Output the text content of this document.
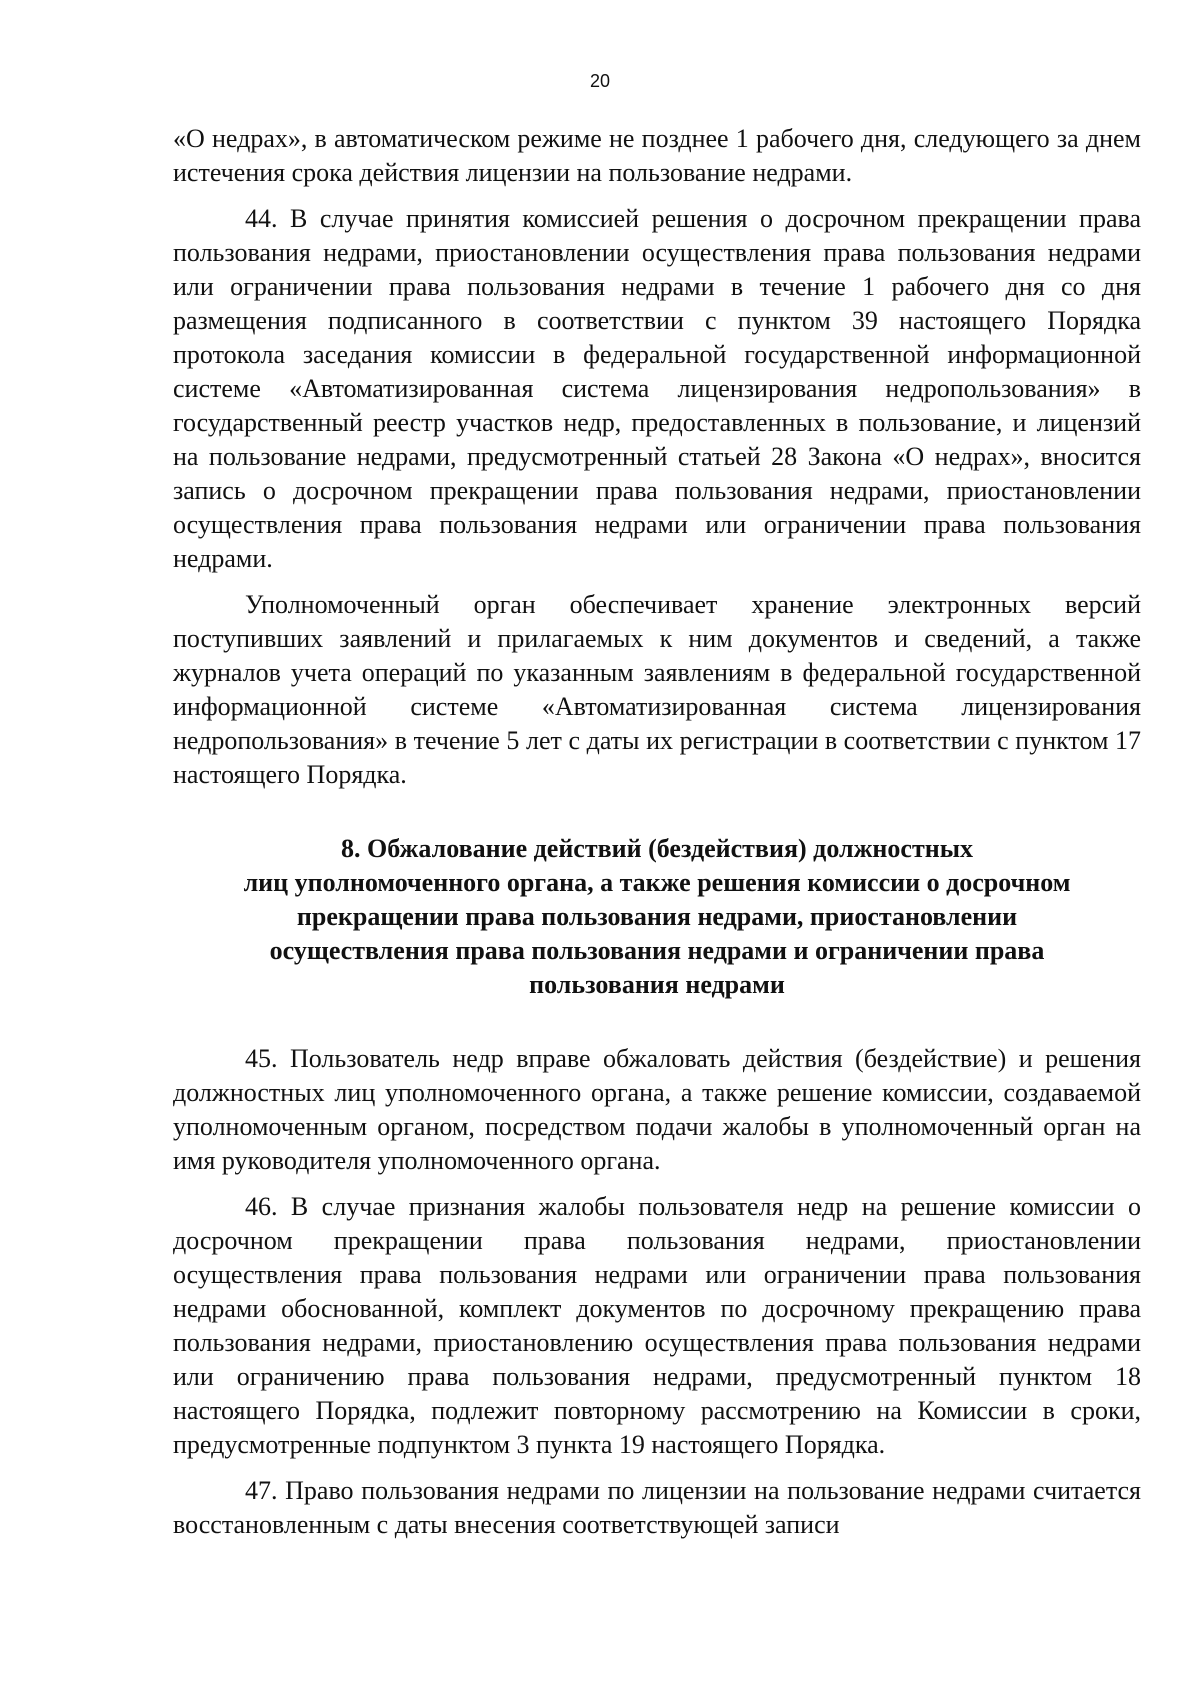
20

«О недрах», в автоматическом режиме не позднее 1 рабочего дня, следующего за днем истечения срока действия лицензии на пользование недрами.

44. В случае принятия комиссией решения о досрочном прекращении права пользования недрами, приостановлении осуществления права пользования недрами или ограничении права пользования недрами в течение 1 рабочего дня со дня размещения подписанного в соответствии с пунктом 39 настоящего Порядка протокола заседания комиссии в федеральной государственной информационной системе «Автоматизированная система лицензирования недропользования» в государственный реестр участков недр, предоставленных в пользование, и лицензий на пользование недрами, предусмотренный статьей 28 Закона «О недрах», вносится запись о досрочном прекращении права пользования недрами, приостановлении осуществления права пользования недрами или ограничении права пользования недрами.

Уполномоченный орган обеспечивает хранение электронных версий поступивших заявлений и прилагаемых к ним документов и сведений, а также журналов учета операций по указанным заявлениям в федеральной государственной информационной системе «Автоматизированная система лицензирования недропользования» в течение 5 лет с даты их регистрации в соответствии с пунктом 17 настоящего Порядка.

8. Обжалование действий (бездействия) должностных
лиц уполномоченного органа, а также решения комиссии о досрочном
прекращении права пользования недрами, приостановлении
осуществления права пользования недрами и ограничении права
пользования недрами

45. Пользователь недр вправе обжаловать действия (бездействие) и решения должностных лиц уполномоченного органа, а также решение комиссии, создаваемой уполномоченным органом, посредством подачи жалобы в уполномоченный орган на имя руководителя уполномоченного органа.

46. В случае признания жалобы пользователя недр на решение комиссии о досрочном прекращении права пользования недрами, приостановлении осуществления права пользования недрами или ограничении права пользования недрами обоснованной, комплект документов по досрочному прекращению права пользования недрами, приостановлению осуществления права пользования недрами или ограничению права пользования недрами, предусмотренный пунктом 18 настоящего Порядка, подлежит повторному рассмотрению на Комиссии в сроки, предусмотренные подпунктом 3 пункта 19 настоящего Порядка.

47. Право пользования недрами по лицензии на пользование недрами считается восстановленным с даты внесения соответствующей записи
